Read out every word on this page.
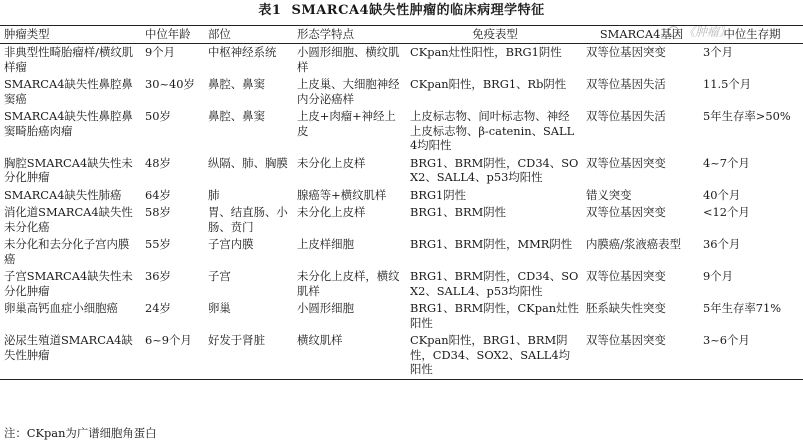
表1 SMARCA4缺失性肿瘤的临床病理学特征
《肿瘤》
肿瘤类型	中位年龄	部位	形态学特点	免疫表型	SMARCA4基因	中位生存期
非典型性畸胎瘤样/横纹肌样瘤	9个月	中枢神经系统	小圆形细胞、横纹肌样	CKpan灶性阳性，BRG1阴性	双等位基因突变	3个月
SMARCA4缺失性鼻腔鼻窦癌	30~40岁	鼻腔、鼻窦	上皮巢、大细胞神经内分泌癌样	CKpan阳性，BRG1、Rb阴性	双等位基因失活	11.5个月
SMARCA4缺失性鼻腔鼻窦畸胎癌肉瘤	50岁	鼻腔、鼻窦	上皮+肉瘤+神经上皮	上皮标志物、间叶标志物、神经上皮标志物、β-catenin、SALL4均阳性	双等位基因失活	5年生存率>50%
胸腔SMARCA4缺失性未分化肿瘤	48岁	纵隔、肺、胸膜	未分化上皮样	BRG1、BRM阴性，CD34、SOX2、SALL4、p53均阳性	双等位基因突变	4~7个月
SMARCA4缺失性肺癌	64岁	肺	腺癌等+横纹肌样	BRG1阴性	错义突变	40个月
消化道SMARCA4缺失性未分化癌	58岁	胃、结直肠、小肠、贲门	未分化上皮样	BRG1、BRM阴性	双等位基因突变	<12个月
未分化和去分化子宫内膜癌	55岁	子宫内膜	上皮样细胞	BRG1、BRM阴性，MMR阴性	内膜癌/浆液癌表型	36个月
子宫SMARCA4缺失性未分化肿瘤	36岁	子宫	未分化上皮样，横纹肌样	BRG1、BRM阴性，CD34、SOX2、SALL4、p53均阳性	双等位基因突变	9个月
卵巢高钙血症小细胞癌	24岁	卵巢	小圆形细胞	BRG1、BRM阴性，CKpan灶性阳性	胚系缺失性突变	5年生存率71%
泌尿生殖道SMARCA4缺失性肿瘤	6~9个月	好发于肾脏	横纹肌样	CKpan阳性，BRG1、BRM阴性，CD34、SOX2、SALL4均阳性	双等位基因突变	3~6个月
注：CKpan为广谱细胞角蛋白
